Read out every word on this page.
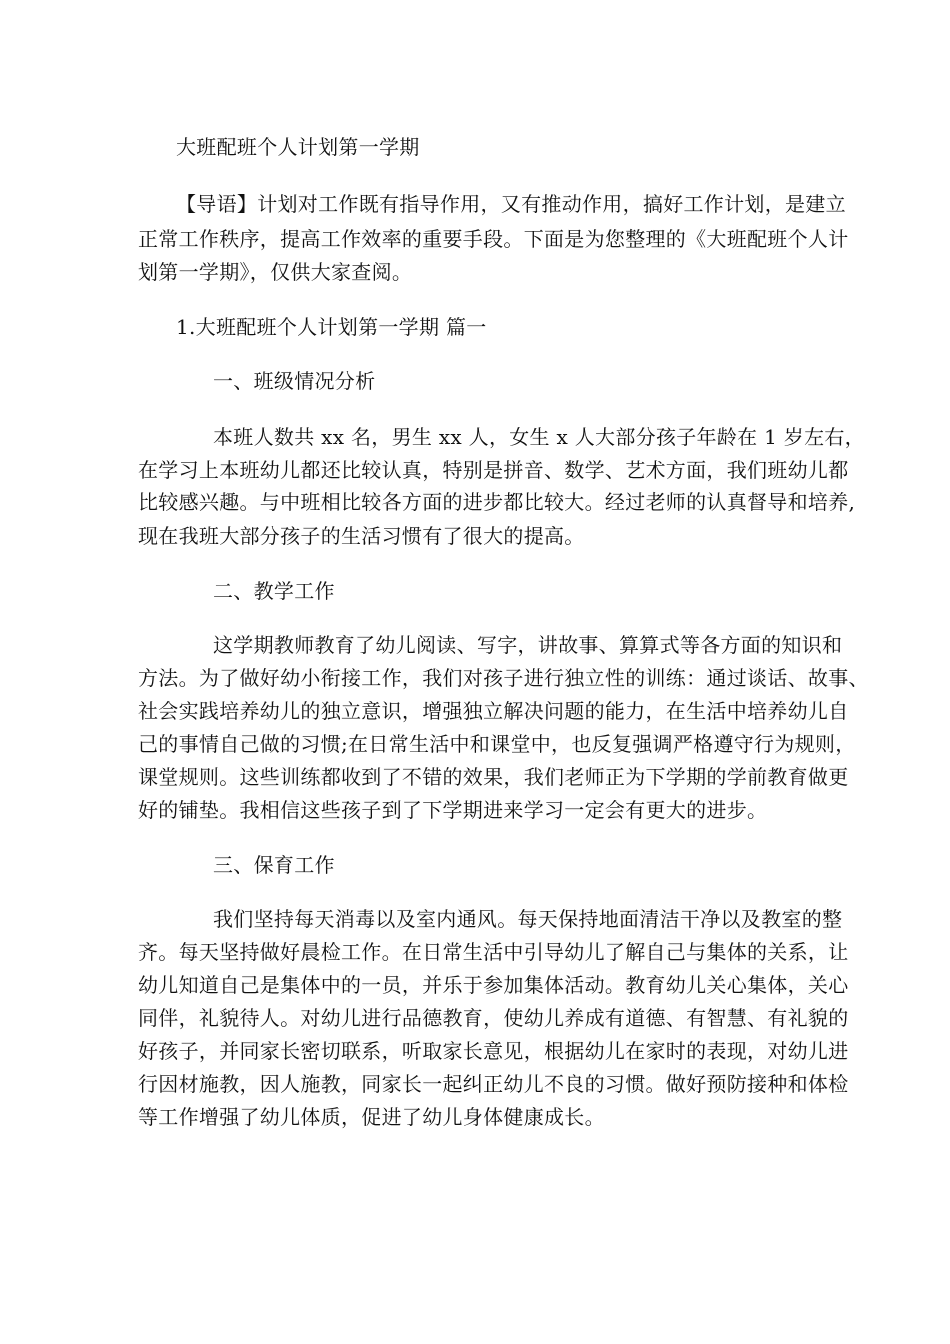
大班配班个人计划第一学期
【导语】计划对工作既有指导作用，又有推动作用，搞好工作计划，是建立
正常工作秩序，提高工作效率的重要手段。下面是为您整理的《大班配班个人计
划第一学期》，仅供大家查阅。
1.大班配班个人计划第一学期 篇一
一、班级情况分析
本班人数共 xx 名，男生 xx 人，女生 x 人大部分孩子年龄在 1 岁左右，
在学习上本班幼儿都还比较认真，特别是拼音、数学、艺术方面，我们班幼儿都
比较感兴趣。与中班相比较各方面的进步都比较大。经过老师的认真督导和培养,
现在我班大部分孩子的生活习惯有了很大的提高。
二、教学工作
这学期教师教育了幼儿阅读、写字，讲故事、算算式等各方面的知识和
方法。为了做好幼小衔接工作，我们对孩子进行独立性的训练：通过谈话、故事、
社会实践培养幼儿的独立意识，增强独立解决问题的能力，在生活中培养幼儿自
己的事情自己做的习惯;在日常生活中和课堂中，也反复强调严格遵守行为规则，
课堂规则。这些训练都收到了不错的效果，我们老师正为下学期的学前教育做更
好的铺垫。我相信这些孩子到了下学期进来学习一定会有更大的进步。
三、保育工作
我们坚持每天消毒以及室内通风。每天保持地面清洁干净以及教室的整
齐。每天坚持做好晨检工作。在日常生活中引导幼儿了解自己与集体的关系，让
幼儿知道自己是集体中的一员，并乐于参加集体活动。教育幼儿关心集体，关心
同伴，礼貌待人。对幼儿进行品德教育，使幼儿养成有道德、有智慧、有礼貌的
好孩子，并同家长密切联系，听取家长意见，根据幼儿在家时的表现，对幼儿进
行因材施教，因人施教，同家长一起纠正幼儿不良的习惯。做好预防接种和体检
等工作增强了幼儿体质，促进了幼儿身体健康成长。
